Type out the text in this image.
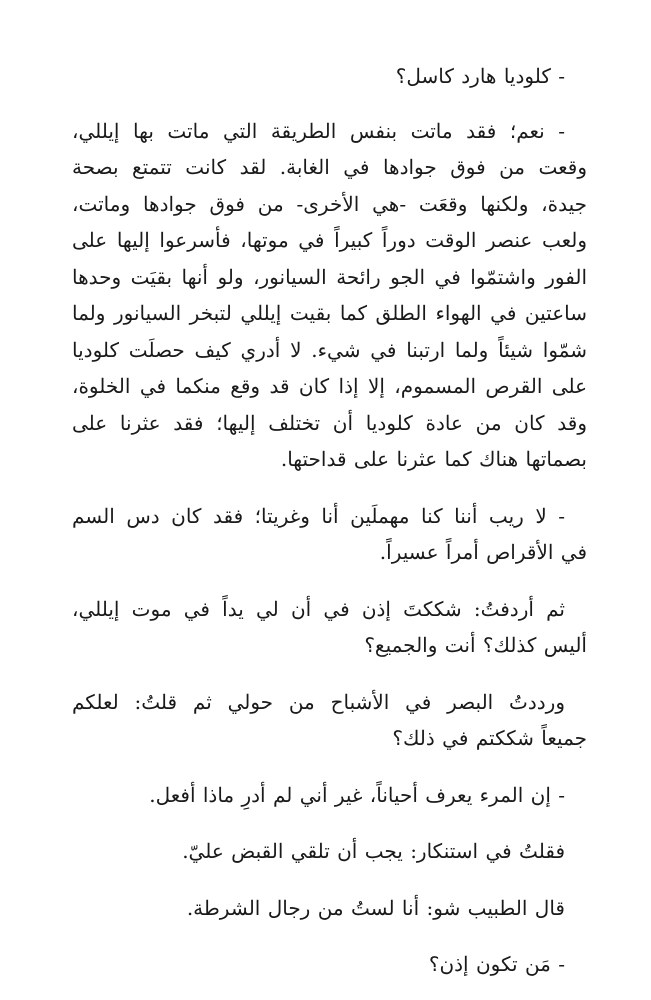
- كلوديا هارد كاسل؟

- نعم؛ فقد ماتت بنفس الطريقة التي ماتت بها إيللي،
وقعت من فوق جوادها في الغابة. لقد كانت تتمتع بصحة
جيدة، ولكنها وقعَت -هي الأخرى- من فوق جوادها وماتت،
ولعب عنصر الوقت دوراً كبيراً في موتها، فأسرعوا إليها على
الفور واشتمّوا في الجو رائحة السيانور، ولو أنها بقيَت وحدها
ساعتين في الهواء الطلق كما بقيت إيللي لتبخر السيانور ولما
شمّوا شيئاً ولما ارتبنا في شيء. لا أدري كيف حصلَت كلوديا
على القرص المسموم، إلا إذا كان قد وقع منكما في الخلوة،
وقد كان من عادة كلوديا أن تختلف إليها؛ فقد عثرنا على
بصماتها هناك كما عثرنا على قداحتها.

- لا ريب أننا كنا مهملَين أنا وغريتا؛ فقد كان دس السم
في الأقراص أمراً عسيراً.

ثم أردفتُ: شككتَ إذن في أن لي يداً في موت إيللي،
أليس كذلك؟ أنت والجميع؟

ورددتُ البصر في الأشباح من حولي ثم قلتُ: لعلكم
جميعاً شككتم في ذلك؟

- إن المرء يعرف أحياناً، غير أني لم أدرِ ماذا أفعل.

فقلتُ في استنكار: يجب أن تلقي القبض عليّ.

قال الطبيب شو: أنا لستُ من رجال الشرطة.

- مَن تكون إذن؟
